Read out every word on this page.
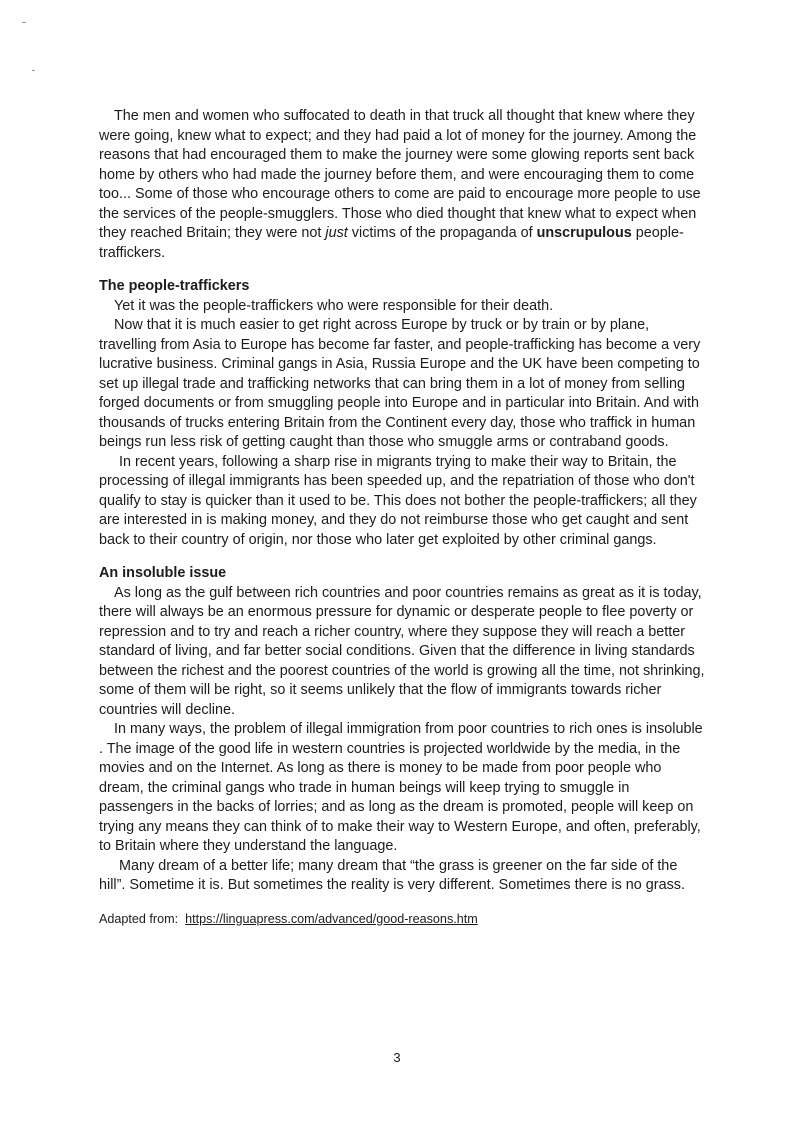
The men and women who suffocated to death in that truck all thought that knew where they were going, knew what to expect; and they had paid a lot of money for the journey. Among the reasons that had encouraged them to make the journey were some glowing reports sent back home by others who had made the journey before them, and were encouraging them to come too... Some of those who encourage others to come are paid to encourage more people to use the services of the people-smugglers. Those who died thought that knew what to expect when they reached Britain; they were not just victims of the propaganda of unscrupulous people-traffickers.

The people-traffickers

Yet it was the people-traffickers who were responsible for their death.

Now that it is much easier to get right across Europe by truck or by train or by plane, travelling from Asia to Europe has become far faster, and people-trafficking has become a very lucrative business. Criminal gangs in Asia, Russia Europe and the UK have been competing to set up illegal trade and trafficking networks that can bring them in a lot of money from selling forged documents or from smuggling people into Europe and in particular into Britain. And with thousands of trucks entering Britain from the Continent every day, those who traffick in human beings run less risk of getting caught than those who smuggle arms or contraband goods.

In recent years, following a sharp rise in migrants trying to make their way to Britain, the processing of illegal immigrants has been speeded up, and the repatriation of those who don't qualify to stay is quicker than it used to be. This does not bother the people-traffickers; all they are interested in is making money, and they do not reimburse those who get caught and sent back to their country of origin, nor those who later get exploited by other criminal gangs.

An insoluble issue

As long as the gulf between rich countries and poor countries remains as great as it is today, there will always be an enormous pressure for dynamic or desperate people to flee poverty or repression and to try and reach a richer country, where they suppose they will reach a better standard of living, and far better social conditions. Given that the difference in living standards between the richest and the poorest countries of the world is growing all the time, not shrinking, some of them will be right, so it seems unlikely that the flow of immigrants towards richer countries will decline.

In many ways, the problem of illegal immigration from poor countries to rich ones is insoluble . The image of the good life in western countries is projected worldwide by the media, in the movies and on the Internet. As long as there is money to be made from poor people who dream, the criminal gangs who trade in human beings will keep trying to smuggle in passengers in the backs of lorries; and as long as the dream is promoted, people will keep on trying any means they can think of to make their way to Western Europe, and often, preferably, to Britain where they understand the language.

Many dream of a better life; many dream that “the grass is greener on the far side of the hill”. Sometime it is. But sometimes the reality is very different. Sometimes there is no grass.

Adapted from: https://linguapress.com/advanced/good-reasons.htm

3
